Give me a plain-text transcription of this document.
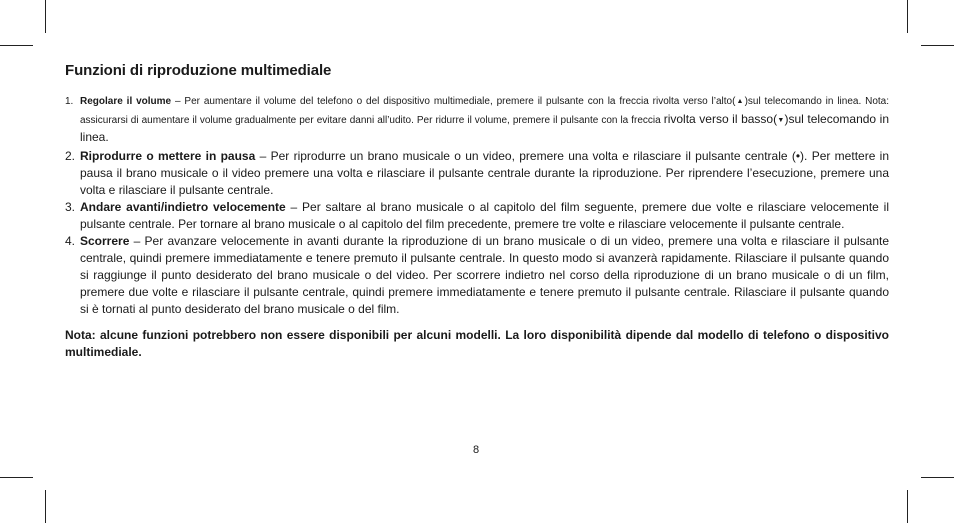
Funzioni di riproduzione multimediale
1. Regolare il volume – Per aumentare il volume del telefono o del dispositivo multimediale, premere il pulsante con la freccia rivolta verso l’alto(▲)sul telecomando in linea. Nota: assicurarsi di aumentare il volume gradualmente per evitare danni all’udito. Per ridurre il volume, premere il pulsante con la freccia rivolta verso il basso(▼)sul telecomando in linea.
2. Riprodurre o mettere in pausa – Per riprodurre un brano musicale o un video, premere una volta e rilasciare il pulsante centrale (•). Per mettere in pausa il brano musicale o il video premere una volta e rilasciare il pulsante centrale durante la riproduzione. Per riprendere l’esecuzione, premere una volta e rilasciare il pulsante centrale.
3. Andare avanti/indietro velocemente – Per saltare al brano musicale o al capitolo del film seguente, premere due volte e rilasciare velocemente il pulsante centrale. Per tornare al brano musicale o al capitolo del film precedente, premere tre volte e rilasciare velocemente il pulsante centrale.
4. Scorrere – Per avanzare velocemente in avanti durante la riproduzione di un brano musicale o di un video, premere una volta e rilasciare il pulsante centrale, quindi premere immediatamente e tenere premuto il pulsante centrale. In questo modo si avanzerà rapidamente. Rilasciare il pulsante quando si raggiunge il punto desiderato del brano musicale o del video. Per scorrere indietro nel corso della riproduzione di un brano musicale o di un film, premere due volte e rilasciare il pulsante centrale, quindi premere immediatamente e tenere premuto il pulsante centrale. Rilasciare il pulsante quando si è tornati al punto desiderato del brano musicale o del film.
Nota: alcune funzioni potrebbero non essere disponibili per alcuni modelli. La loro disponibilità dipende dal modello di telefono o dispositivo multimediale.
8
